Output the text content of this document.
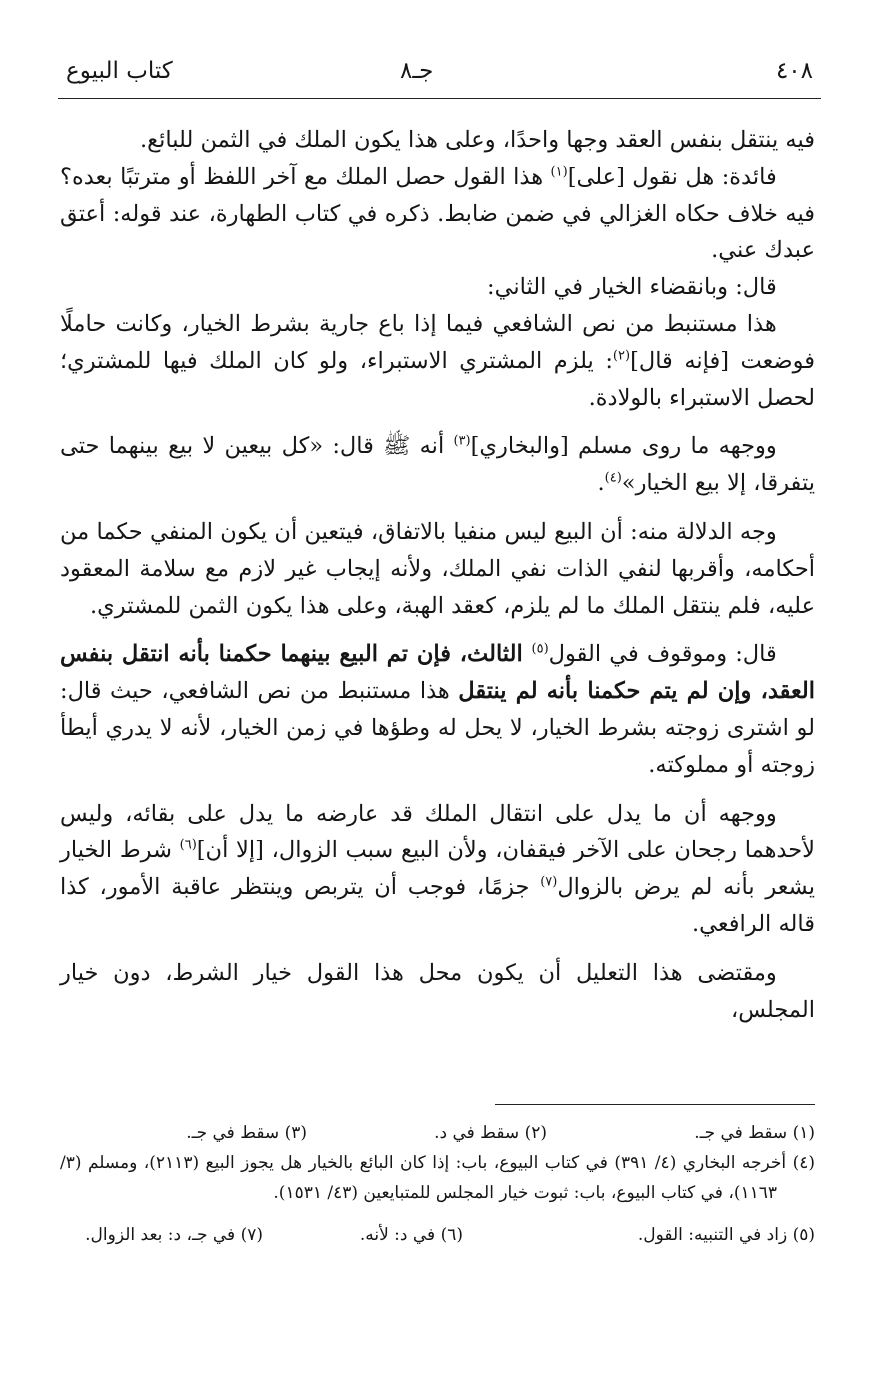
٤٠٨
جـ٨
كتاب البيوع

فيه ينتقل بنفس العقد وجها واحدًا، وعلى هذا يكون الملك في الثمن للبائع.

فائدة: هل نقول [على]$^{(١)}$ هذا القول حصل الملك مع آخر اللفظ أو مترتبًا بعده؟ فيه خلاف حكاه الغزالي في ضمن ضابط. ذكره في كتاب الطهارة، عند قوله: أعتق عبدك عني.

قال: وبانقضاء الخيار في الثاني:

هذا مستنبط من نص الشافعي فيما إذا باع جارية بشرط الخيار، وكانت حاملًا فوضعت [فإنه قال]$^{(٢)}$: يلزم المشتري الاستبراء، ولو كان الملك فيها للمشتري؛ لحصل الاستبراء بالولادة.

ووجهه ما روى مسلم [والبخاري]$^{(٣)}$ أنه ﷺ قال: «كل بيعين لا بيع بينهما حتى يتفرقا، إلا بيع الخيار»$^{(٤)}$.

وجه الدلالة منه: أن البيع ليس منفيا بالاتفاق، فيتعين أن يكون المنفي حكما من أحكامه، وأقربها لنفي الذات نفي الملك، ولأنه إيجاب غير لازم مع سلامة المعقود عليه، فلم ينتقل الملك ما لم يلزم، كعقد الهبة، وعلى هذا يكون الثمن للمشتري.

قال: وموقوف في القول$^{(٥)}$ الثالث، فإن تم البيع بينهما حكمنا بأنه انتقل بنفس العقد، وإن لم يتم حكمنا بأنه لم ينتقل هذا مستنبط من نص الشافعي، حيث قال: لو اشترى زوجته بشرط الخيار، لا يحل له وطؤها في زمن الخيار، لأنه لا يدري أيطأ زوجته أو مملوكته.

ووجهه أن ما يدل على انتقال الملك قد عارضه ما يدل على بقائه، وليس لأحدهما رجحان على الآخر فيقفان، ولأن البيع سبب الزوال، [إلا أن]$^{(٦)}$ شرط الخيار يشعر بأنه لم يرض بالزوال$^{(٧)}$ جزمًا، فوجب أن يتربص وينتظر عاقبة الأمور، كذا قاله الرافعي.

ومقتضى هذا التعليل أن يكون محل هذا القول خيار الشرط، دون خيار المجلس،

(١) سقط في جـ.
(٢) سقط في د.
(٣) سقط في جـ.
(٤) أخرجه البخاري (٤/ ٣٩١) في كتاب البيوع، باب: إذا كان البائع بالخيار هل يجوز البيع (٢١١٣)، ومسلم (٣/ ١١٦٣)، في كتاب البيوع، باب: ثبوت خيار المجلس للمتبايعين (٤٣/ ١٥٣١).
(٥) زاد في التنبيه: القول.
(٦) في د: لأنه.
(٧) في جـ، د: بعد الزوال.
